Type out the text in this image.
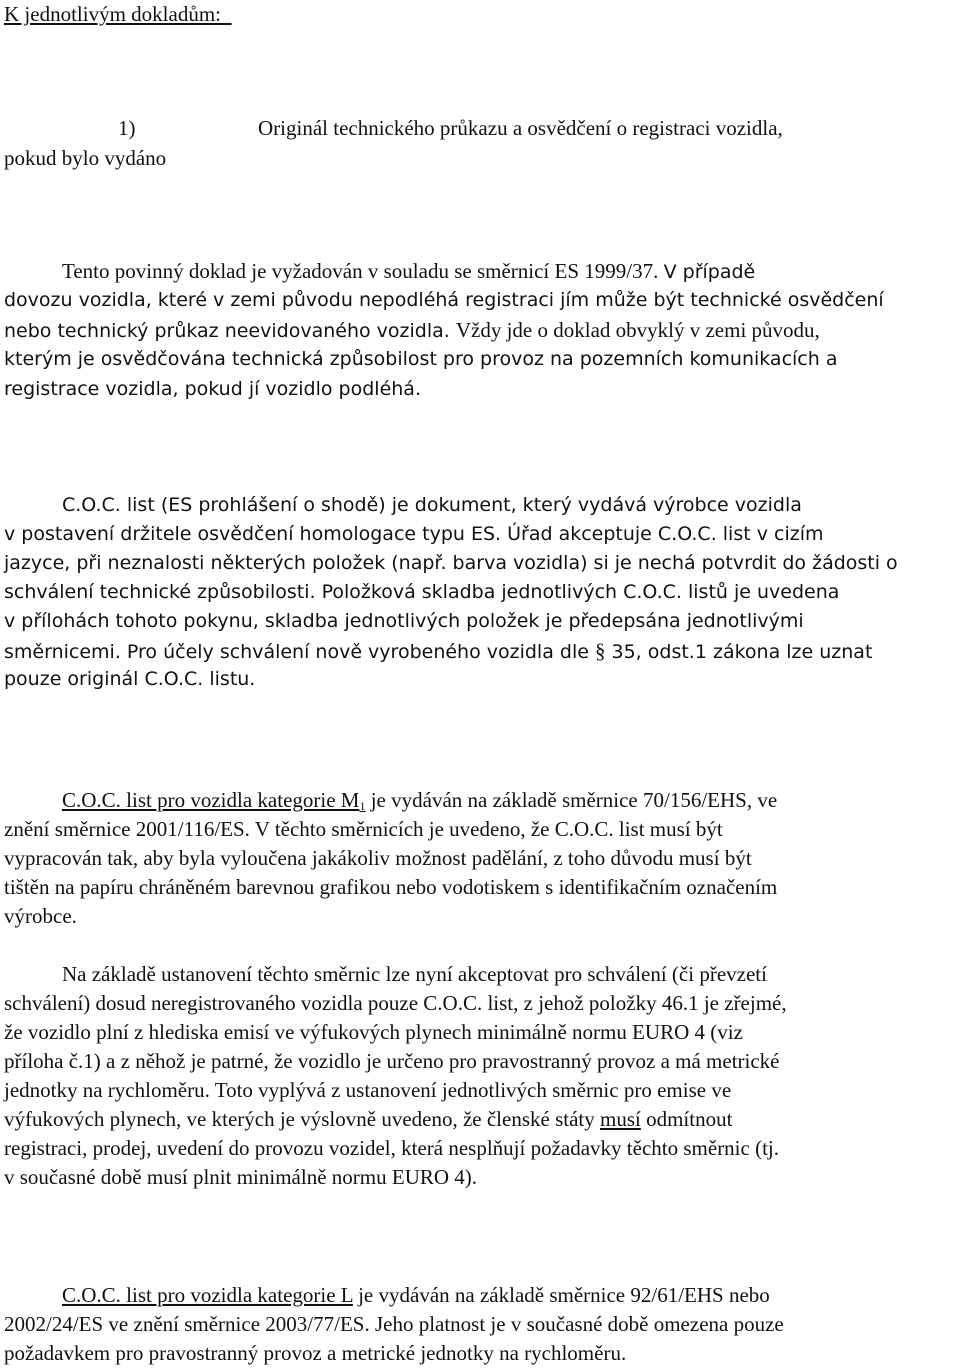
K jednotlivým dokladům:
1)	Originál technického průkazu a osvědčení o registraci vozidla,
pokud bylo vydáno
Tento povinný doklad je vyžadován v souladu se směrnicí ES 1999/37. V případě
dovozu vozidla, které v zemi původu nepodléhá registraci jím může být technické osvědčení
nebo technický průkaz neevidovaného vozidla. Vždy jde o doklad obvyklý v zemi původu,
kterým je osvědčována technická způsobilost pro provoz na pozemních komunikacích a
registrace vozidla, pokud jí vozidlo podléhá.
C.O.C. list (ES prohlášení o shodě) je dokument, který vydává výrobce vozidla
v postavení držitele osvědčení homologace typu ES. Úřad akceptuje C.O.C. list v cizím
jazyce, při neznalosti některých položek (např. barva vozidla) si je nechá potvrdit do žádosti o
schválení technické způsobilosti. Položková skladba jednotlivých C.O.C. listů je uvedena
v přílohách tohoto pokynu, skladba jednotlivých položek je předepsána jednotlivými
směrnicemi. Pro účely schválení nově vyrobeného vozidla dle § 35, odst.1 zákona lze uznat
pouze originál C.O.C. listu.
C.O.C. list pro vozidla kategorie $M_1$ je vydáván na základě směrnice 70/156/EHS, ve
znění směrnice 2001/116/ES. V těchto směrnicích je uvedeno, že C.O.C. list musí být
vypracován tak, aby byla vyloučena jakákoliv možnost padělání, z toho důvodu musí být
tištěn na papíru chráněném barevnou grafikou nebo vodotiskem s identifikačním označením
výrobce.
Na základě ustanovení těchto směrnic lze nyní akceptovat pro schválení (či převzetí
schválení) dosud neregistrovaného vozidla pouze C.O.C. list, z jehož položky 46.1 je zřejmé,
že vozidlo plní z hlediska emisí ve výfukových plynech minimálně normu EURO 4 (viz
příloha č.1) a z něhož je patrné, že vozidlo je určeno pro pravostranný provoz a má metrické
jednotky na rychloměru. Toto vyplývá z ustanovení jednotlivých směrnic pro emise ve
výfukových plynech, ve kterých je výslovně uvedeno, že členské státy musí odmítnout
registraci, prodej, uvedení do provozu vozidel, která nesplňují požadavky těchto směrnic (tj.
v současné době musí plnit minimálně normu EURO 4).
C.O.C. list pro vozidla kategorie L je vydáván na základě směrnice 92/61/EHS nebo
2002/24/ES ve znění směrnice 2003/77/ES. Jeho platnost je v současné době omezena pouze
požadavkem pro pravostranný provoz a metrické jednotky na rychloměru.
